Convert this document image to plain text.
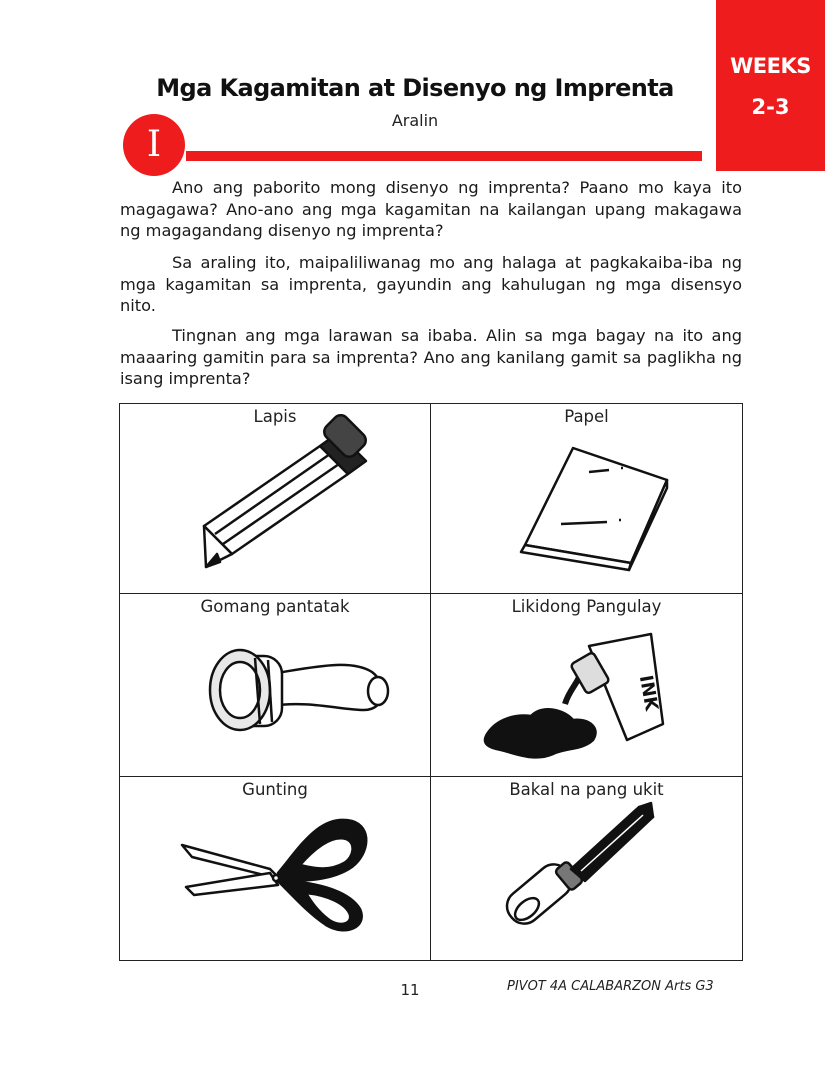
WEEKS
2-3
Mga Kagamitan at Disenyo ng Imprenta
Aralin
I

Ano ang paborito mong disenyo ng imprenta? Paano mo kaya ito magagawa? Ano-ano ang mga kagamitan na kailangan upang makagawa ng magagandang disenyo ng imprenta?

Sa araling ito, maipaliliwanag mo ang halaga at pagkakaiba-iba ng mga kagamitan sa imprenta, gayundin ang kahulugan ng mga disensyo nito.

Tingnan ang mga larawan sa ibaba. Alin sa mga bagay na ito ang maaaring gamitin para sa imprenta? Ano ang kanilang gamit sa paglikha ng isang imprenta?

Lapis	Papel
Gomang pantatak	Likidong Pangulay
INK
Gunting	Bakal na pang ukit
11	PIVOT 4A CALABARZON Arts G3
